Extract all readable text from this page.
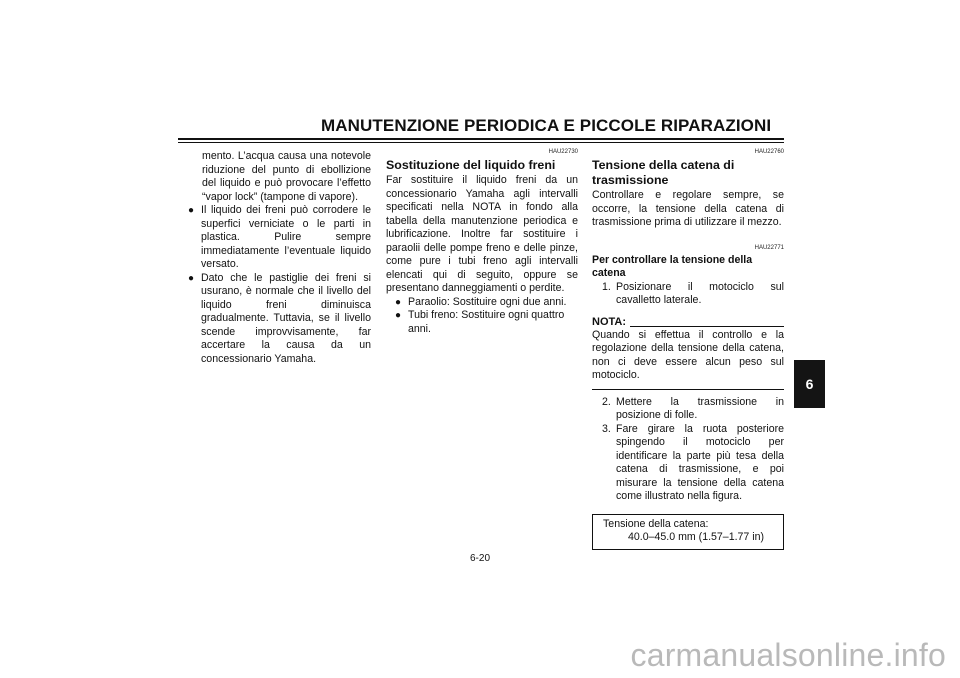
MANUTENZIONE PERIODICA E PICCOLE RIPARAZIONI

mento. L’acqua causa una notevole riduzione del punto di ebollizione del liquido e può provocare l’effetto “vapor lock” (tampone di vapore).

● Il liquido dei freni può corrodere le superfici verniciate o le parti in plastica. Pulire sempre immediatamente l’eventuale liquido versato.

● Dato che le pastiglie dei freni si usurano, è normale che il livello del liquido freni diminuisca gradualmente. Tuttavia, se il livello scende improvvisamente, far accertare la causa da un concessionario Yamaha.

HAU22730
Sostituzione del liquido freni

Far sostituire il liquido freni da un concessionario Yamaha agli intervalli specificati nella NOTA in fondo alla tabella della manutenzione periodica e lubrificazione. Inoltre far sostituire i paraolii delle pompe freno e delle pinze, come pure i tubi freno agli intervalli elencati qui di seguito, oppure se presentano danneggiamenti o perdite.

● Paraolio: Sostituire ogni due anni.

● Tubi freno: Sostituire ogni quattro anni.

HAU22760
Tensione della catena di trasmissione

Controllare e regolare sempre, se occorre, la tensione della catena di trasmissione prima di utilizzare il mezzo.

HAU22771

Per controllare la tensione della catena

1. Posizionare il motociclo sul cavalletto laterale.

NOTA:

Quando si effettua il controllo e la regolazione della tensione della catena, non ci deve essere alcun peso sul motociclo.

2. Mettere la trasmissione in posizione di folle.

3. Fare girare la ruota posteriore spingendo il motociclo per identificare la parte più tesa della catena di trasmissione, e poi misurare la tensione della catena come illustrato nella figura.

Tensione della catena:
40.0–45.0 mm (1.57–1.77 in)
6
6-20
carmanualsonline.info
